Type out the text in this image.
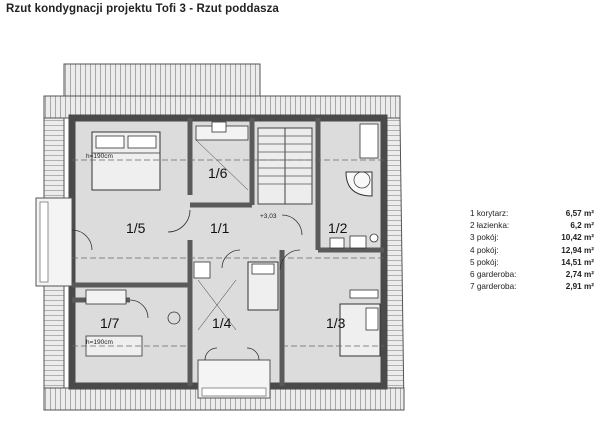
Rzut kondygnacji projektu Tofi 3 - Rzut poddasza
1/5	1/1	1/2
1/6
1/7	1/4	1/3
h=190cm
h=190cm
+3,03	1 korytarz:	6,57 m²
2 łazienka:	6,2 m²
3 pokój:	10,42 m²
4 pokój:	12,94 m²
5 pokój:	14,51 m²
6 garderoba:	2,74 m²
7 garderoba:	2,91 m²
